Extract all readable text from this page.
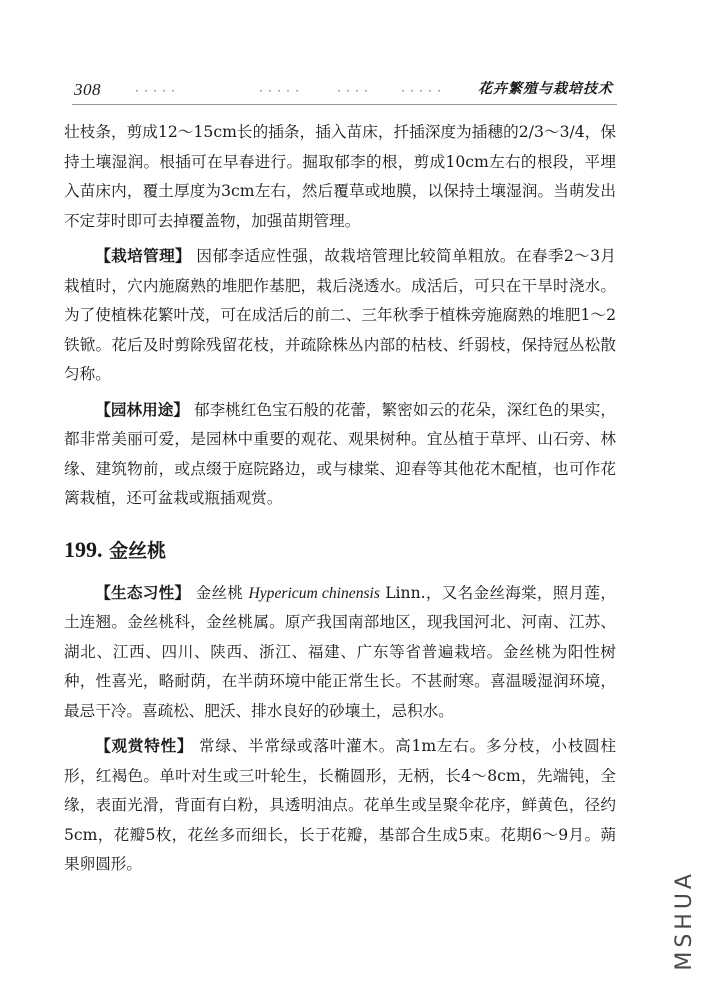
308	·····	·····	····	····· 花卉繁殖与栽培技术

壮枝条，剪成12～15cm长的插条，插入苗床，扦插深度为插穗的2/3～3/4，保持土壤湿润。根插可在早春进行。掘取郁李的根，剪成10cm左右的根段，平埋入苗床内，覆土厚度为3cm左右，然后覆草或地膜，以保持土壤湿润。当萌发出不定芽时即可去掉覆盖物，加强苗期管理。

【栽培管理】 因郁李适应性强，故栽培管理比较简单粗放。在春季2～3月栽植时，穴内施腐熟的堆肥作基肥，栽后浇透水。成活后，可只在干旱时浇水。为了使植株花繁叶茂，可在成活后的前二、三年秋季于植株旁施腐熟的堆肥1～2铁锨。花后及时剪除残留花枝，并疏除株丛内部的枯枝、纤弱枝，保持冠丛松散匀称。

【园林用途】 郁李桃红色宝石般的花蕾，繁密如云的花朵，深红色的果实，都非常美丽可爱，是园林中重要的观花、观果树种。宜丛植于草坪、山石旁、林缘、建筑物前，或点缀于庭院路边，或与棣棠、迎春等其他花木配植，也可作花篱栽植，还可盆栽或瓶插观赏。

199. 金丝桃

【生态习性】 金丝桃 Hypericum chinensis Linn.，又名金丝海棠，照月莲，土连翘。金丝桃科，金丝桃属。原产我国南部地区，现我国河北、河南、江苏、湖北、江西、四川、陕西、浙江、福建、广东等省普遍栽培。金丝桃为阳性树种，性喜光，略耐荫，在半荫环境中能正常生长。不甚耐寒。喜温暖湿润环境，最忌干冷。喜疏松、肥沃、排水良好的砂壤土，忌积水。

【观赏特性】 常绿、半常绿或落叶灌木。高1m左右。多分枝，小枝圆柱形，红褐色。单叶对生或三叶轮生，长椭圆形，无柄，长4～8cm，先端钝，全缘，表面光滑，背面有白粉，具透明油点。花单生或呈聚伞花序，鲜黄色，径约5cm，花瓣5枚，花丝多而细长，长于花瓣，基部合生成5束。花期6～9月。蒴果卵圆形。

MSHUA
